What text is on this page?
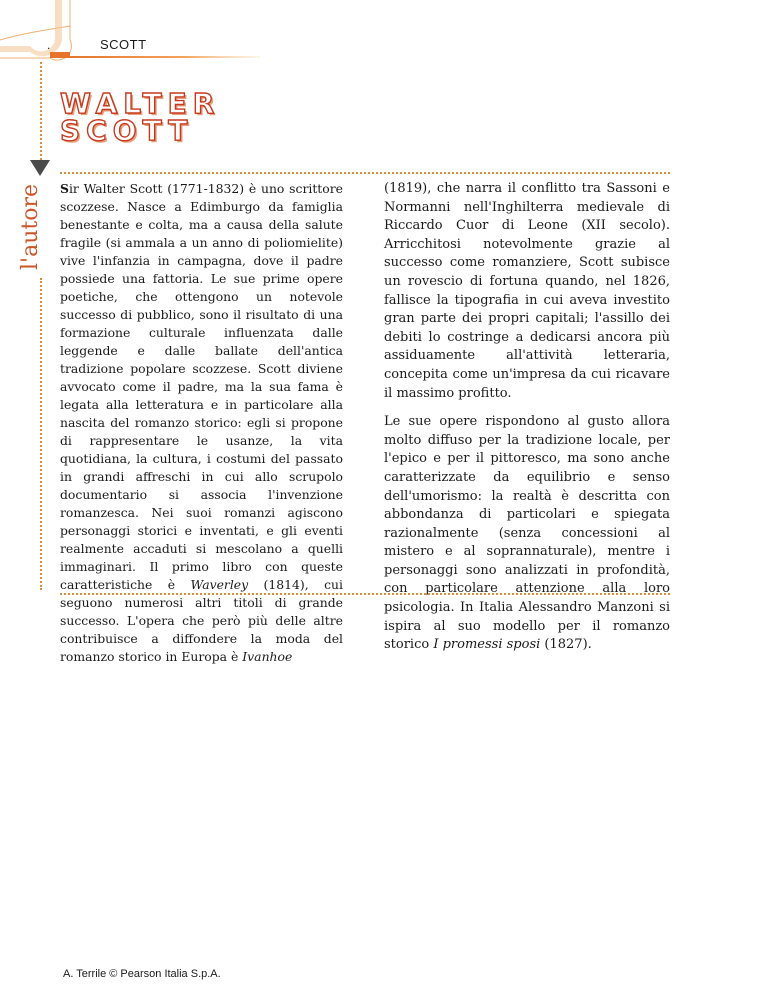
.	SCOTT
l'autore
WALTER
SCOTT

Sir Walter Scott (1771-1832) è uno scrittore scozzese. Nasce a Edimburgo da famiglia benestante e colta, ma a causa della salute fragile (si ammala a un anno di poliomielite) vive l'infanzia in campagna, dove il padre possiede una fattoria. Le sue prime opere poetiche, che ottengono un notevole successo di pubblico, sono il risultato di una formazione culturale influenzata dalle leggende e dalle ballate dell'antica tradizione popolare scozzese. Scott diviene avvocato come il padre, ma la sua fama è legata alla letteratura e in particolare alla nascita del romanzo storico: egli si propone di rappresentare le usanze, la vita quotidiana, la cultura, i costumi del passato in grandi affreschi in cui allo scrupolo documentario si associa l'invenzione romanzesca. Nei suoi romanzi agiscono personaggi storici e inventati, e gli eventi realmente accaduti si mescolano a quelli immaginari. Il primo libro con queste caratteristiche è Waverley (1814), cui seguono numerosi altri titoli di grande successo. L'opera che però più delle altre contribuisce a diffondere la moda del romanzo storico in Europa è Ivanhoe

(1819), che narra il conflitto tra Sassoni e Normanni nell'Inghilterra medievale di Riccardo Cuor di Leone (XII secolo). Arricchitosi notevolmente grazie al successo come romanziere, Scott subisce un rovescio di fortuna quando, nel 1826, fallisce la tipografia in cui aveva investito gran parte dei propri capitali; l'assillo dei debiti lo costringe a dedicarsi ancora più assiduamente all'attività letteraria, concepita come un'impresa da cui ricavare il massimo profitto.

Le sue opere rispondono al gusto allora molto diffuso per la tradizione locale, per l'epico e per il pittoresco, ma sono anche caratterizzate da equilibrio e senso dell'umorismo: la realtà è descritta con abbondanza di particolari e spiegata razionalmente (senza concessioni al mistero e al soprannaturale), mentre i personaggi sono analizzati in profondità, con particolare attenzione alla loro psicologia. In Italia Alessandro Manzoni si ispira al suo modello per il romanzo storico I promessi sposi (1827).

A. Terrile © Pearson Italia S.p.A.
